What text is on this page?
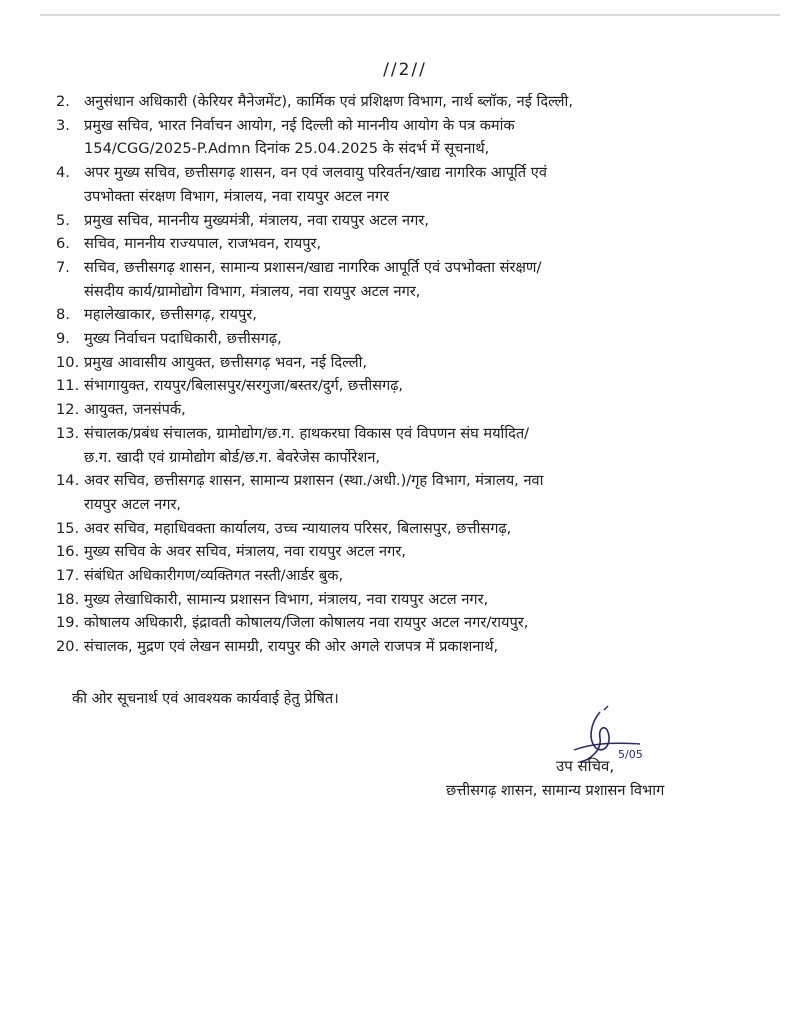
//2//
2. अनुसंधान अधिकारी (केरियर मैनेजमेंट), कार्मिक एवं प्रशिक्षण विभाग, नार्थ ब्लॉक, नई दिल्ली,
3. प्रमुख सचिव, भारत निर्वाचन आयोग, नई दिल्ली को माननीय आयोग के पत्र कमांक
154/CGG/2025-P.Admn दिनांक 25.04.2025 के संदर्भ में सूचनार्थ,
4. अपर मुख्य सचिव, छत्तीसगढ़ शासन, वन एवं जलवायु परिवर्तन/खाद्य नागरिक आपूर्ति एवं
उपभोक्ता संरक्षण विभाग, मंत्रालय, नवा रायपुर अटल नगर
5. प्रमुख सचिव, माननीय मुख्यमंत्री, मंत्रालय, नवा रायपुर अटल नगर,
6. सचिव, माननीय राज्यपाल, राजभवन, रायपुर,
7. सचिव, छत्तीसगढ़ शासन, सामान्य प्रशासन/खाद्य नागरिक आपूर्ति एवं उपभोक्ता संरक्षण/
संसदीय कार्य/ग्रामोद्योग विभाग, मंत्रालय, नवा रायपुर अटल नगर,
8. महालेखाकार, छत्तीसगढ़, रायपुर,
9. मुख्य निर्वाचन पदाधिकारी, छत्तीसगढ़,
10. प्रमुख आवासीय आयुक्त, छत्तीसगढ़ भवन, नई दिल्ली,
11. संभागायुक्त, रायपुर/बिलासपुर/सरगुजा/बस्तर/दुर्ग, छत्तीसगढ़,
12. आयुक्त, जनसंपर्क,
13. संचालक/प्रबंध संचालक, ग्रामोद्योग/छ.ग. हाथकरघा विकास एवं विपणन संघ मर्यादित/
छ.ग. खादी एवं ग्रामोद्योग बोर्ड/छ.ग. बेवरेजेस कार्पोरेशन,
14. अवर सचिव, छत्तीसगढ़ शासन, सामान्य प्रशासन (स्था./अधी.)/गृह विभाग, मंत्रालय, नवा
रायपुर अटल नगर,
15. अवर सचिव, महाधिवक्ता कार्यालय, उच्च न्यायालय परिसर, बिलासपुर, छत्तीसगढ़,
16. मुख्य सचिव के अवर सचिव, मंत्रालय, नवा रायपुर अटल नगर,
17. संबंधित अधिकारीगण/व्यक्तिगत नस्ती/आर्डर बुक,
18. मुख्य लेखाधिकारी, सामान्य प्रशासन विभाग, मंत्रालय, नवा रायपुर अटल नगर,
19. कोषालय अधिकारी, इंद्रावती कोषालय/जिला कोषालय नवा रायपुर अटल नगर/रायपुर,
20. संचालक, मुद्रण एवं लेखन सामग्री, रायपुर की ओर अगले राजपत्र में प्रकाशनार्थ,
की ओर सूचनार्थ एवं आवश्यक कार्यवाई हेतु प्रेषित।
5/05
उप सचिव,
छत्तीसगढ़ शासन, सामान्य प्रशासन विभाग
